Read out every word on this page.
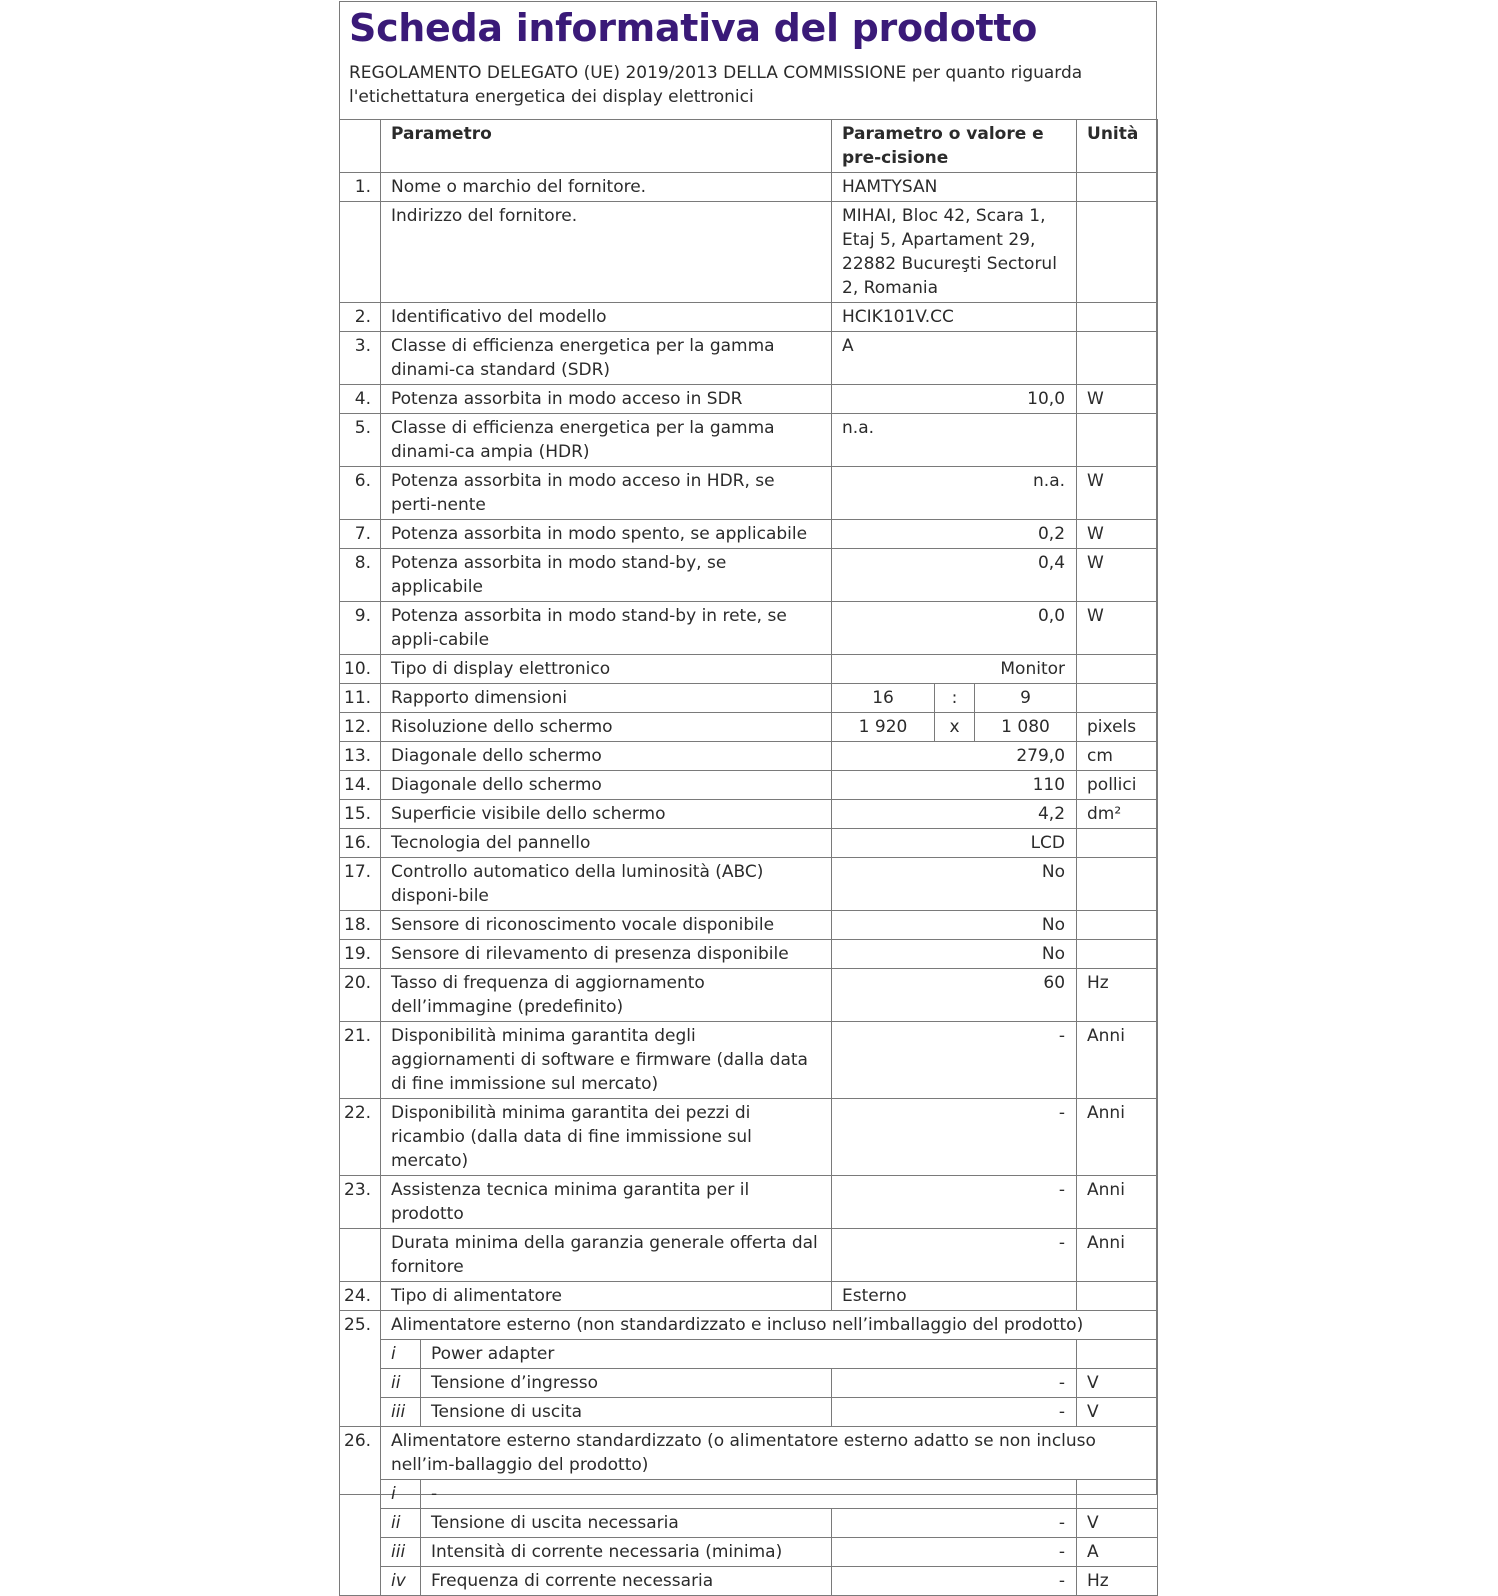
Scheda informativa del prodotto

REGOLAMENTO DELEGATO (UE) 2019/2013 DELLA COMMISSIONE per quanto riguarda l'etichettatura energetica dei display elettronici

	Parametro		Parametro o valore e pre-cisione			Unità
1.	Nome o marchio del fornitore.		HAMTYSAN			
	Indirizzo del fornitore.		MIHAI, Bloc 42, Scara 1, Etaj 5, Apartament 29, 22882 Bucureşti Sectorul 2, Romania			
2.	Identificativo del modello		HCIK101V.CC			
3.	Classe di efficienza energetica per la gamma dinami-ca standard (SDR)		A			
4.	Potenza assorbita in modo acceso in SDR		10,0			W
5.	Classe di efficienza energetica per la gamma dinami-ca ampia (HDR)		n.a.			
6.	Potenza assorbita in modo acceso in HDR, se perti-nente		n.a.			W
7.	Potenza assorbita in modo spento, se applicabile		0,2			W
8.	Potenza assorbita in modo stand-by, se applicabile		0,4			W
9.	Potenza assorbita in modo stand-by in rete, se appli-cabile		0,0			W
10.	Tipo di display elettronico		Monitor			
11.	Rapporto dimensioni		16	:	9	
12.	Risoluzione dello schermo		1 920	x	1 080	pixels
13.	Diagonale dello schermo		279,0			cm
14.	Diagonale dello schermo		110			pollici
15.	Superficie visibile dello schermo		4,2			dm²
16.	Tecnologia del pannello		LCD			
17.	Controllo automatico della luminosità (ABC) disponi-bile		No			
18.	Sensore di riconoscimento vocale disponibile		No			
19.	Sensore di rilevamento di presenza disponibile		No			
20.	Tasso di frequenza di aggiornamento dell’immagine (predefinito)		60			Hz
21.	Disponibilità minima garantita degli aggiornamenti di software e firmware (dalla data di fine immissione sul mercato)		-			Anni
22.	Disponibilità minima garantita dei pezzi di ricambio (dalla data di fine immissione sul mercato)		-			Anni
23.	Assistenza tecnica minima garantita per il prodotto		-			Anni
	Durata minima della garanzia generale offerta dal fornitore		-			Anni
24.	Tipo di alimentatore		Esterno			
25.	Alimentatore esterno (non standardizzato e incluso nell’imballaggio del prodotto)					
	i	Power adapter				
	ii	Tensione d’ingresso	-			V
	iii	Tensione di uscita	-			V
26.	Alimentatore esterno standardizzato (o alimentatore esterno adatto se non incluso nell’im-ballaggio del prodotto)					
	i	-				
	ii	Tensione di uscita necessaria	-			V
	iii	Intensità di corrente necessaria (minima)	-			A
	iv	Frequenza di corrente necessaria	-			Hz
